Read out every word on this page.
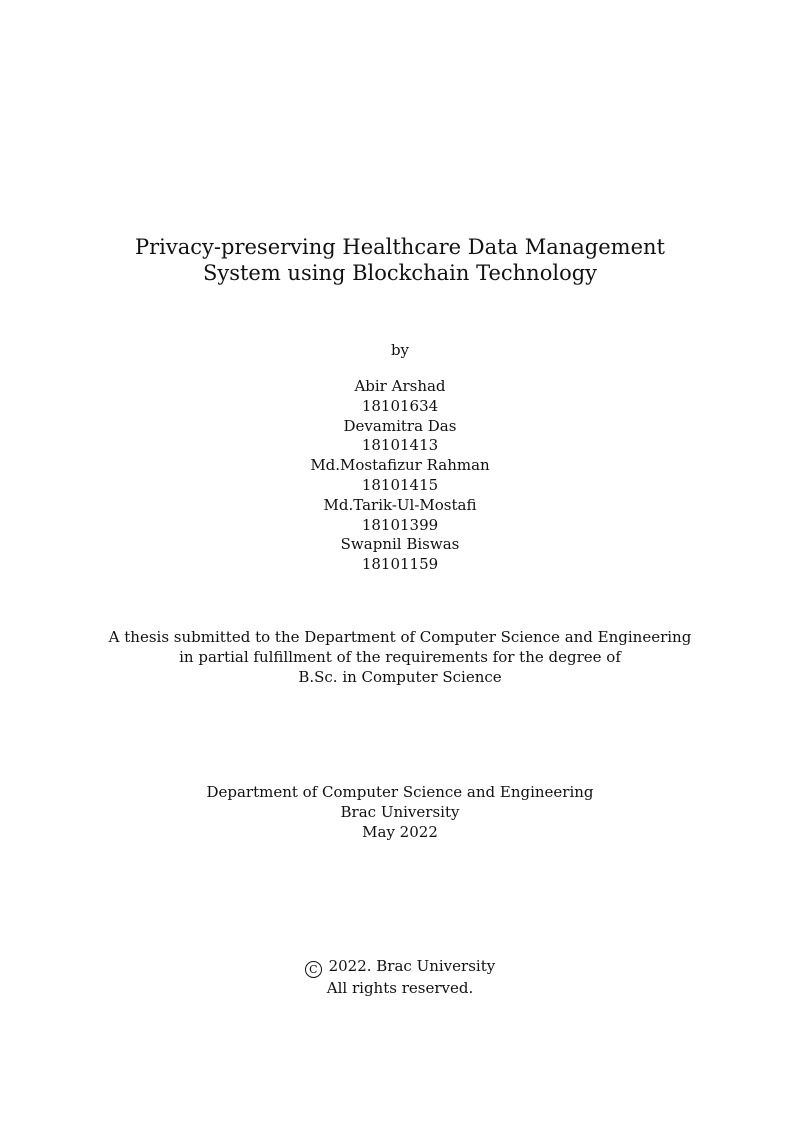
Privacy-preserving Healthcare Data Management
System using Blockchain Technology
by
Abir Arshad
18101634
Devamitra Das
18101413
Md.Mostafizur Rahman
18101415
Md.Tarik-Ul-Mostafi
18101399
Swapnil Biswas
18101159
A thesis submitted to the Department of Computer Science and Engineering
in partial fulfillment of the requirements for the degree of
B.Sc. in Computer Science
Department of Computer Science and Engineering
Brac University
May 2022
C 2022. Brac University
All rights reserved.
